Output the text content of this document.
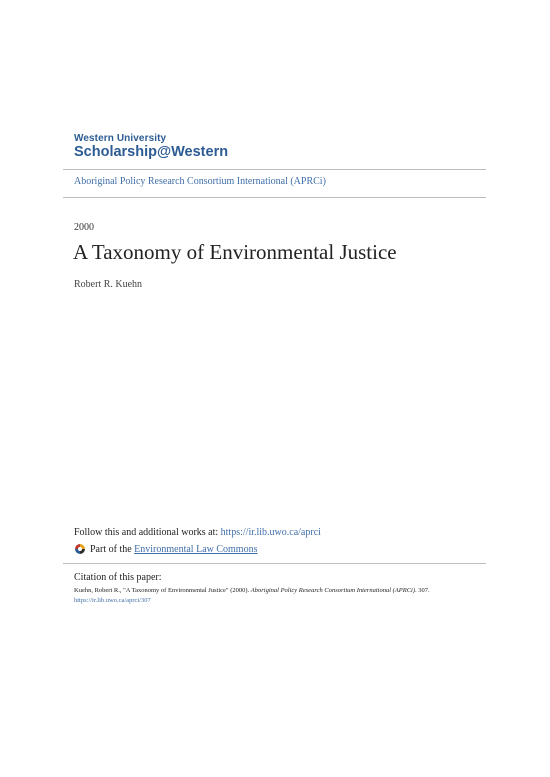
Western University
Scholarship@Western
Aboriginal Policy Research Consortium International (APRCi)
2000
A Taxonomy of Environmental Justice
Robert R. Kuehn
Follow this and additional works at: https://ir.lib.uwo.ca/aprci
Part of the
Environmental Law Commons
Citation of this paper:
Kuehn, Robert R., "A Taxonomy of Environmental Justice" (2000). Aboriginal Policy Research Consortium International (APRCi). 307.
https://ir.lib.uwo.ca/aprci/307
